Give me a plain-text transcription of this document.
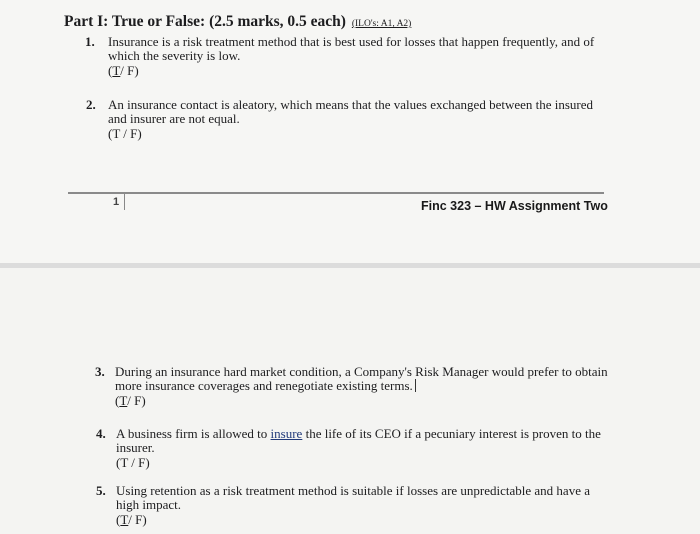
Part I: True or False: (2.5 marks, 0.5 each) (ILO's: A1, A2)
1. Insurance is a risk treatment method that is best used for losses that happen frequently, and of which the severity is low.
(T/ F)
2. An insurance contact is aleatory, which means that the values exchanged between the insured and insurer are not equal.
(T / F)
1	Finc 323 – HW Assignment Two
3. During an insurance hard market condition, a Company's Risk Manager would prefer to obtain more insurance coverages and renegotiate existing terms.
(T/ F)
4. A business firm is allowed to insure the life of its CEO if a pecuniary interest is proven to the insurer.
(T / F)
5. Using retention as a risk treatment method is suitable if losses are unpredictable and have a high impact.
(T/ F)
